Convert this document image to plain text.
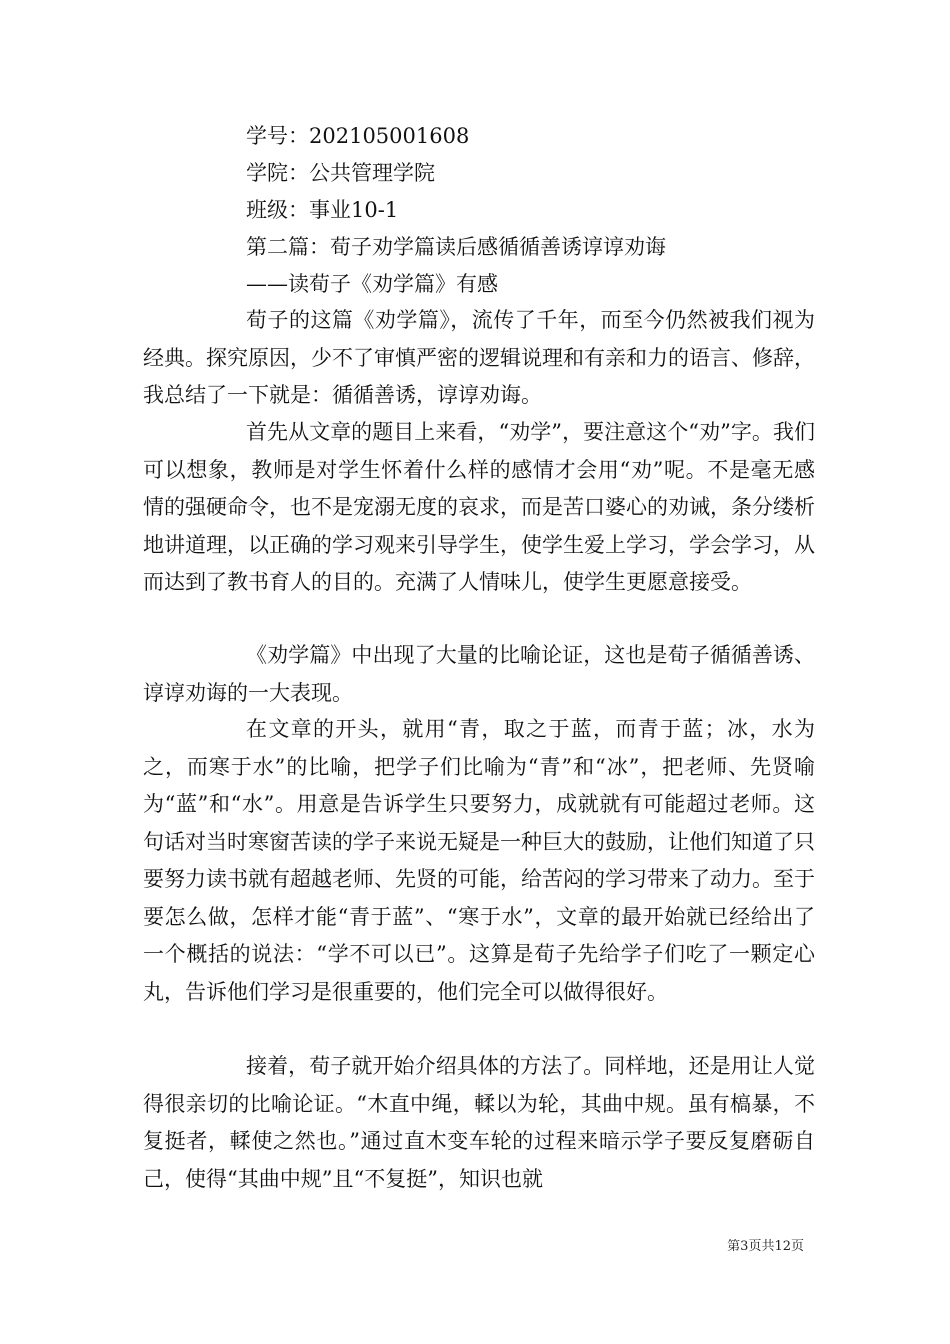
学号：202105001608
学院：公共管理学院
班级：事业10-1
第二篇：荀子劝学篇读后感循循善诱谆谆劝诲
——读荀子《劝学篇》有感

荀子的这篇《劝学篇》，流传了千年，而至今仍然被我们视为经典。探究原因，少不了审慎严密的逻辑说理和有亲和力的语言、修辞，我总结了一下就是：循循善诱，谆谆劝诲。

首先从文章的题目上来看，“劝学”，要注意这个“劝”字。我们可以想象，教师是对学生怀着什么样的感情才会用“劝”呢。不是毫无感情的强硬命令，也不是宠溺无度的哀求，而是苦口婆心的劝诫，条分缕析地讲道理，以正确的学习观来引导学生，使学生爱上学习，学会学习，从而达到了教书育人的目的。充满了人情味儿，使学生更愿意接受。

《劝学篇》中出现了大量的比喻论证，这也是荀子循循善诱、谆谆劝诲的一大表现。

在文章的开头，就用“青，取之于蓝，而青于蓝；冰，水为之，而寒于水”的比喻，把学子们比喻为“青”和“冰”，把老师、先贤喻为“蓝”和“水”。用意是告诉学生只要努力，成就就有可能超过老师。这句话对当时寒窗苦读的学子来说无疑是一种巨大的鼓励，让他们知道了只要努力读书就有超越老师、先贤的可能，给苦闷的学习带来了动力。至于要怎么做，怎样才能“青于蓝”、“寒于水”，文章的最开始就已经给出了一个概括的说法：“学不可以已”。这算是荀子先给学子们吃了一颗定心丸，告诉他们学习是很重要的，他们完全可以做得很好。

接着，荀子就开始介绍具体的方法了。同样地，还是用让人觉得很亲切的比喻论证。“木直中绳，輮以为轮，其曲中规。虽有槁暴，不复挺者，輮使之然也。”通过直木变车轮的过程来暗示学子要反复磨砺自己，使得“其曲中规”且“不复挺”，知识也就

第3页共12页
